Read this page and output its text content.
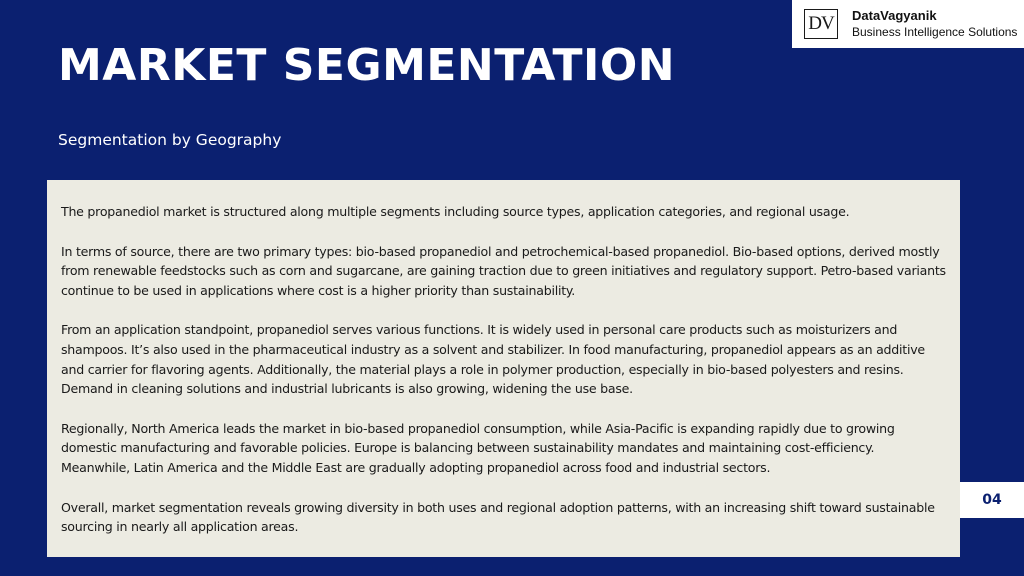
MARKET SEGMENTATION
Segmentation by Geography
DV	DataVagyanik
Business Intelligence Solutions

The propanediol market is structured along multiple segments including source types, application categories, and regional usage.

In terms of source, there are two primary types: bio-based propanediol and petrochemical-based propanediol. Bio-based options, derived mostly from renewable feedstocks such as corn and sugarcane, are gaining traction due to green initiatives and regulatory support. Petro-based variants continue to be used in applications where cost is a higher priority than sustainability.

From an application standpoint, propanediol serves various functions. It is widely used in personal care products such as moisturizers and shampoos. It’s also used in the pharmaceutical industry as a solvent and stabilizer. In food manufacturing, propanediol appears as an additive and carrier for flavoring agents. Additionally, the material plays a role in polymer production, especially in bio-based polyesters and resins. Demand in cleaning solutions and industrial lubricants is also growing, widening the use base.

Regionally, North America leads the market in bio-based propanediol consumption, while Asia-Pacific is expanding rapidly due to growing domestic manufacturing and favorable policies. Europe is balancing between sustainability mandates and maintaining cost-efficiency. Meanwhile, Latin America and the Middle East are gradually adopting propanediol across food and industrial sectors.

Overall, market segmentation reveals growing diversity in both uses and regional adoption patterns, with an increasing shift toward sustainable sourcing in nearly all application areas.

04
